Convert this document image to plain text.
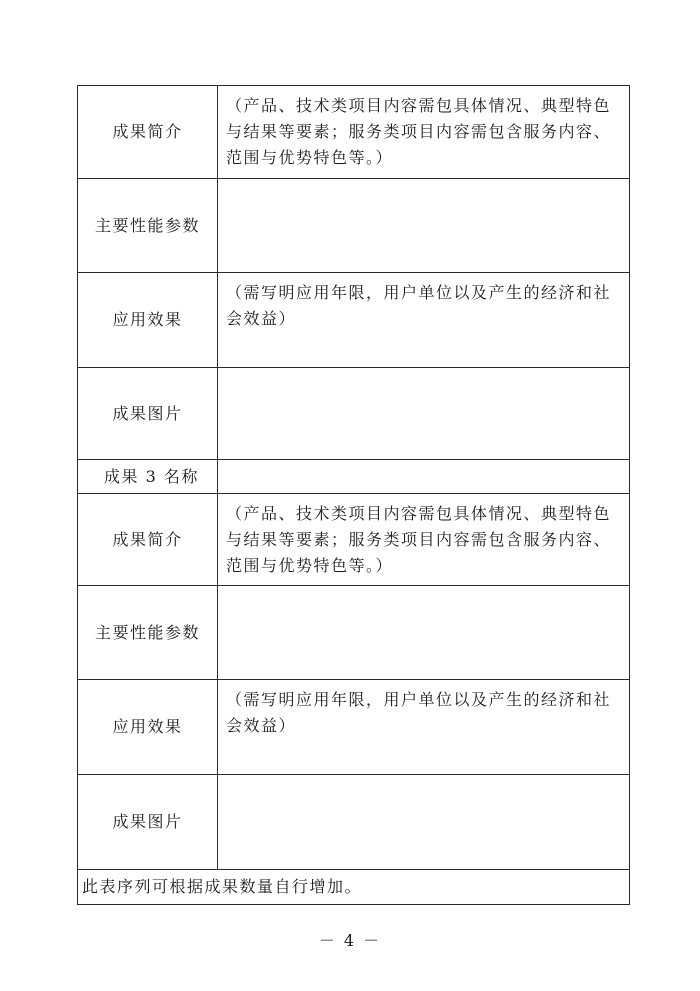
成果简介	（产品、技术类项目内容需包具体情况、典型特色与结果等要素；服务类项目内容需包含服务内容、范围与优势特色等。）
主要性能参数	
应用效果	（需写明应用年限，用户单位以及产生的经济和社会效益）
成果图片	
成果 3 名称	
成果简介	（产品、技术类项目内容需包具体情况、典型特色与结果等要素；服务类项目内容需包含服务内容、范围与优势特色等。）
主要性能参数	
应用效果	（需写明应用年限，用户单位以及产生的经济和社会效益）
成果图片	
此表序列可根据成果数量自行增加。	
－ 4 －
